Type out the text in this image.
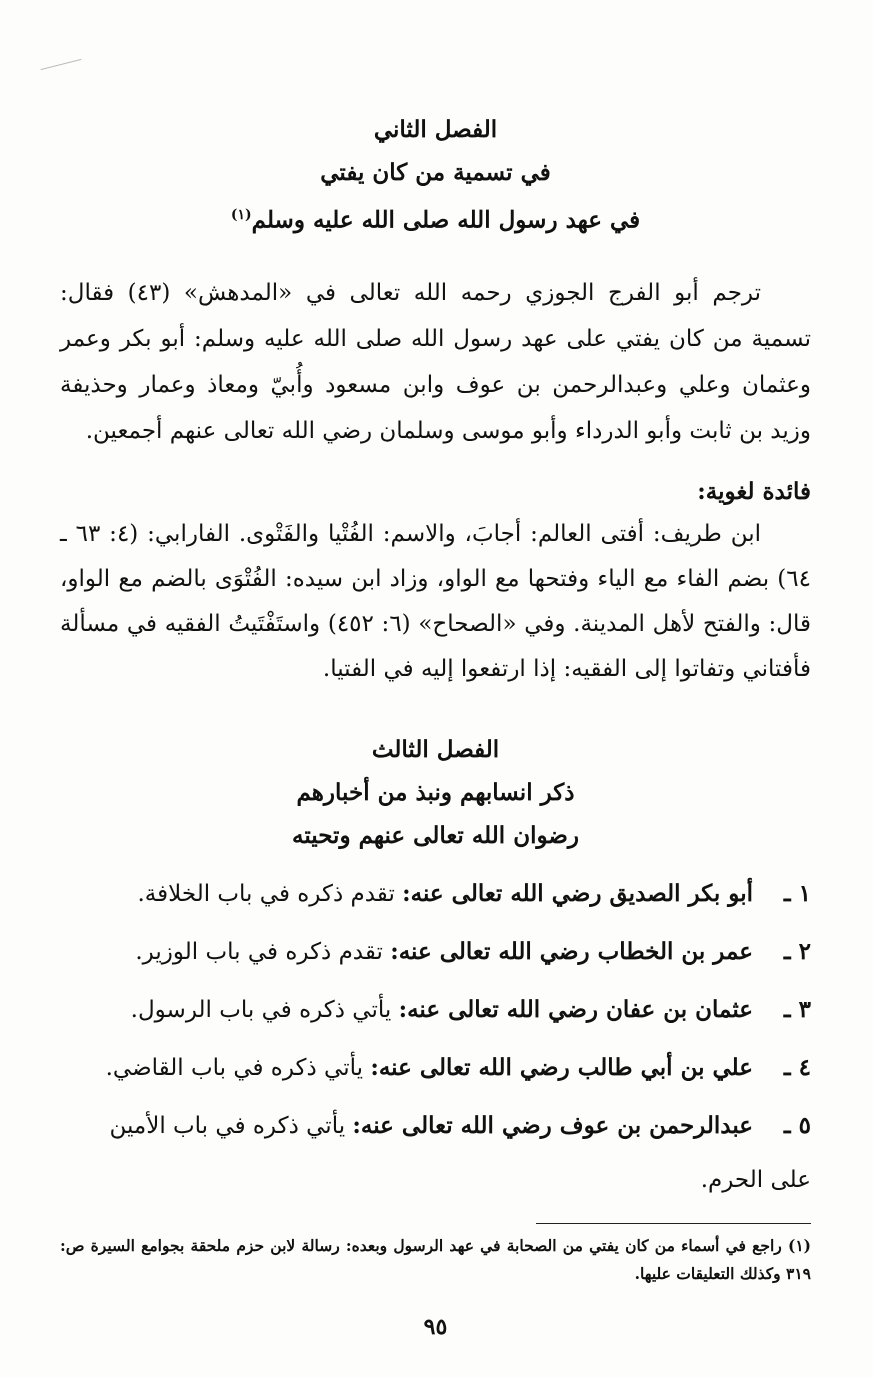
الفصل الثاني
في تسمية من كان يفتي
في عهد رسول الله صلى الله عليه وسلم$^{(١)}$

ترجم أبو الفرج الجوزي رحمه الله تعالى في «المدهش» (٤٣) فقال: تسمية من كان يفتي على عهد رسول الله صلى الله عليه وسلم: أبو بكر وعمر وعثمان وعلي وعبدالرحمن بن عوف وابن مسعود وأُبيّ ومعاذ وعمار وحذيفة وزيد بن ثابت وأبو الدرداء وأبو موسى وسلمان رضي الله تعالى عنهم أجمعين.

فائدة لغوية:

ابن طريف: أفتى العالم: أجابَ، والاسم: الفُتْيا والفَتْوى. الفارابي: (٤: ٦٣ ـ ٦٤) بضم الفاء مع الياء وفتحها مع الواو، وزاد ابن سيده: الفُتْوَى بالضم مع الواو، قال: والفتح لأهل المدينة. وفي «الصحاح» (٦: ٤٥٢) واستَفْتَيتُ الفقيه في مسألة فأفتاني وتفاتوا إلى الفقيه: إذا ارتفعوا إليه في الفتيا.

الفصل الثالث
ذكر انسابهم ونبذ من أخبارهم
رضوان الله تعالى عنهم وتحيته
١ ـأبو بكر الصديق رضي الله تعالى عنه: تقدم ذكره في باب الخلافة.
٢ ـعمر بن الخطاب رضي الله تعالى عنه: تقدم ذكره في باب الوزير.
٣ ـعثمان بن عفان رضي الله تعالى عنه: يأتي ذكره في باب الرسول.
٤ ـعلي بن أبي طالب رضي الله تعالى عنه: يأتي ذكره في باب القاضي.
٥ ـعبدالرحمن بن عوف رضي الله تعالى عنه: يأتي ذكره في باب الأمين
على الحرم.

(١) راجع في أسماء من كان يفتي من الصحابة في عهد الرسول وبعده: رسالة لابن حزم ملحقة بجوامع السيرة ص: ٣١٩ وكذلك التعليقات عليها.

٩٥
